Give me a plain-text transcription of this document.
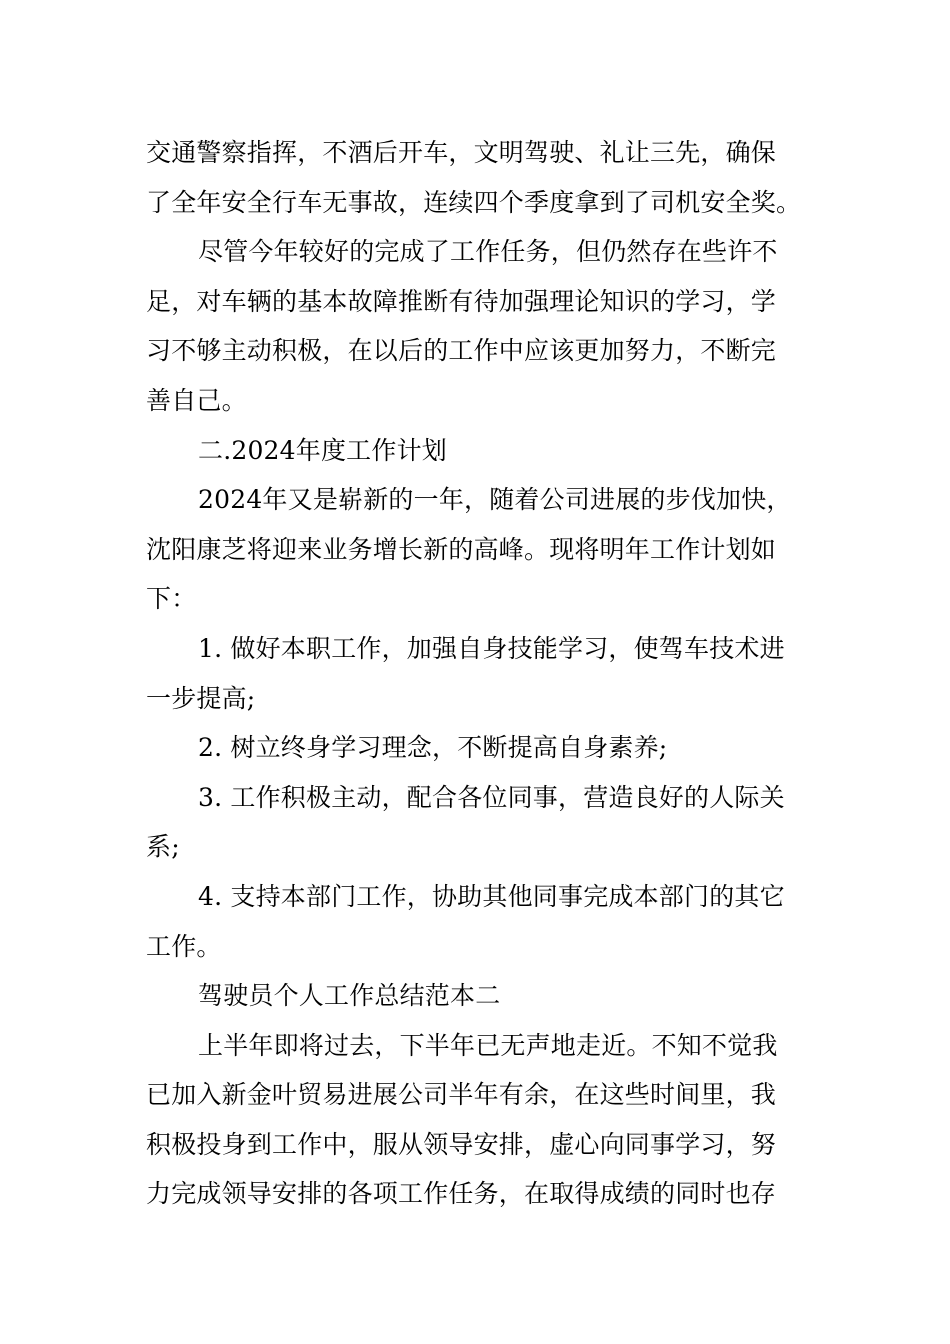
交通警察指挥，不酒后开车，文明驾驶、礼让三先，确保
了全年安全行车无事故，连续四个季度拿到了司机安全奖。
尽管今年较好的完成了工作任务，但仍然存在些许不
足，对车辆的基本故障推断有待加强理论知识的学习，学
习不够主动积极，在以后的工作中应该更加努力，不断完
善自己。
二.2024年度工作计划
2024年又是崭新的一年，随着公司进展的步伐加快，
沈阳康芝将迎来业务增长新的高峰。现将明年工作计划如
下：
1. 做好本职工作，加强自身技能学习，使驾车技术进
一步提高;
2. 树立终身学习理念，不断提高自身素养;
3. 工作积极主动，配合各位同事，营造良好的人际关
系;
4. 支持本部门工作，协助其他同事完成本部门的其它
工作。
驾驶员个人工作总结范本二
上半年即将过去，下半年已无声地走近。不知不觉我
已加入新金叶贸易进展公司半年有余，在这些时间里，我
积极投身到工作中，服从领导安排，虚心向同事学习，努
力完成领导安排的各项工作任务，在取得成绩的同时也存
